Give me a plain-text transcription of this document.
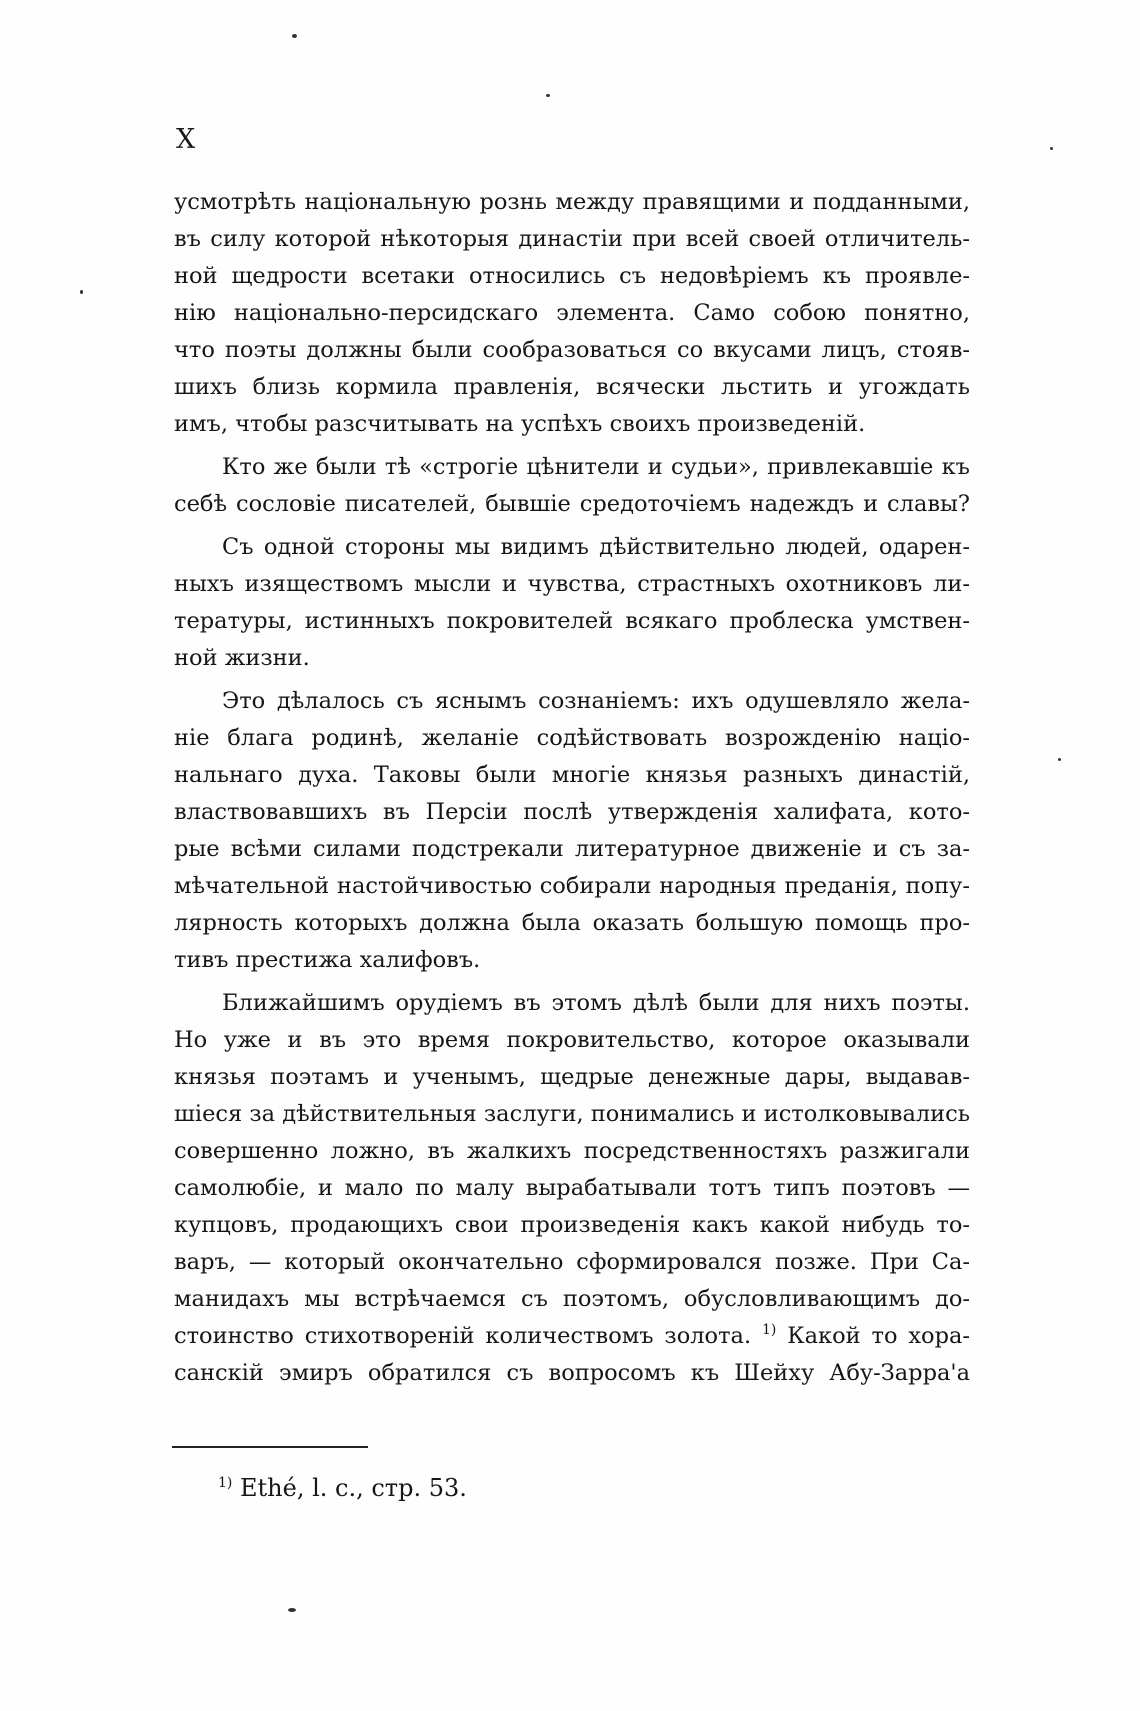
X
усмотрѣть національную рознь между правящими и подданными,
въ силу которой нѣкоторыя династіи при всей своей отличитель-
ной щедрости всетаки относились съ недовѣріемъ къ проявле-
нію національно-персидскаго элемента. Само собою понятно,
что поэты должны были сообразоваться со вкусами лицъ, стояв-
шихъ близь кормила правленія, всячески льстить и угождать
имъ, чтобы разсчитывать на успѣхъ своихъ произведеній.
Кто же были тѣ «строгіе цѣнители и судьи», привлекавшіе къ
себѣ сословіе писателей, бывшіе средоточіемъ надеждъ и славы?
Съ одной стороны мы видимъ дѣйствительно людей, одарен-
ныхъ изяществомъ мысли и чувства, страстныхъ охотниковъ ли-
тературы, истинныхъ покровителей всякаго проблеска умствен-
ной жизни.
Это дѣлалось съ яснымъ сознаніемъ: ихъ одушевляло жела-
ніе блага родинѣ, желаніе содѣйствовать возрожденію націо-
нальнаго духа. Таковы были многіе князья разныхъ династій,
властвовавшихъ въ Персіи послѣ утвержденія халифата, кото-
рые всѣми силами подстрекали литературное движеніе и съ за-
мѣчательной настойчивостью собирали народныя преданія, попу-
лярность которыхъ должна была оказать большую помощь про-
тивъ престижа халифовъ.
Ближайшимъ орудіемъ въ этомъ дѣлѣ были для нихъ поэты.
Но уже и въ это время покровительство, которое оказывали
князья поэтамъ и ученымъ, щедрые денежные дары, выдавав-
шіеся за дѣйствительныя заслуги, понимались и истолковывались
совершенно ложно, въ жалкихъ посредственностяхъ разжигали
самолюбіе, и мало по малу вырабатывали тотъ типъ поэтовъ —
купцовъ, продающихъ свои произведенія какъ какой нибудь то-
варъ, — который окончательно сформировался позже. При Са-
манидахъ мы встрѣчаемся съ поэтомъ, обусловливающимъ до-
стоинство стихотвореній количествомъ золота. $^{1)}$ Какой то хора-
санскій эмиръ обратился съ вопросомъ къ Шейху Абу-Зарра'а
$^{1)}$ Ethé, l. c., стр. 53.
